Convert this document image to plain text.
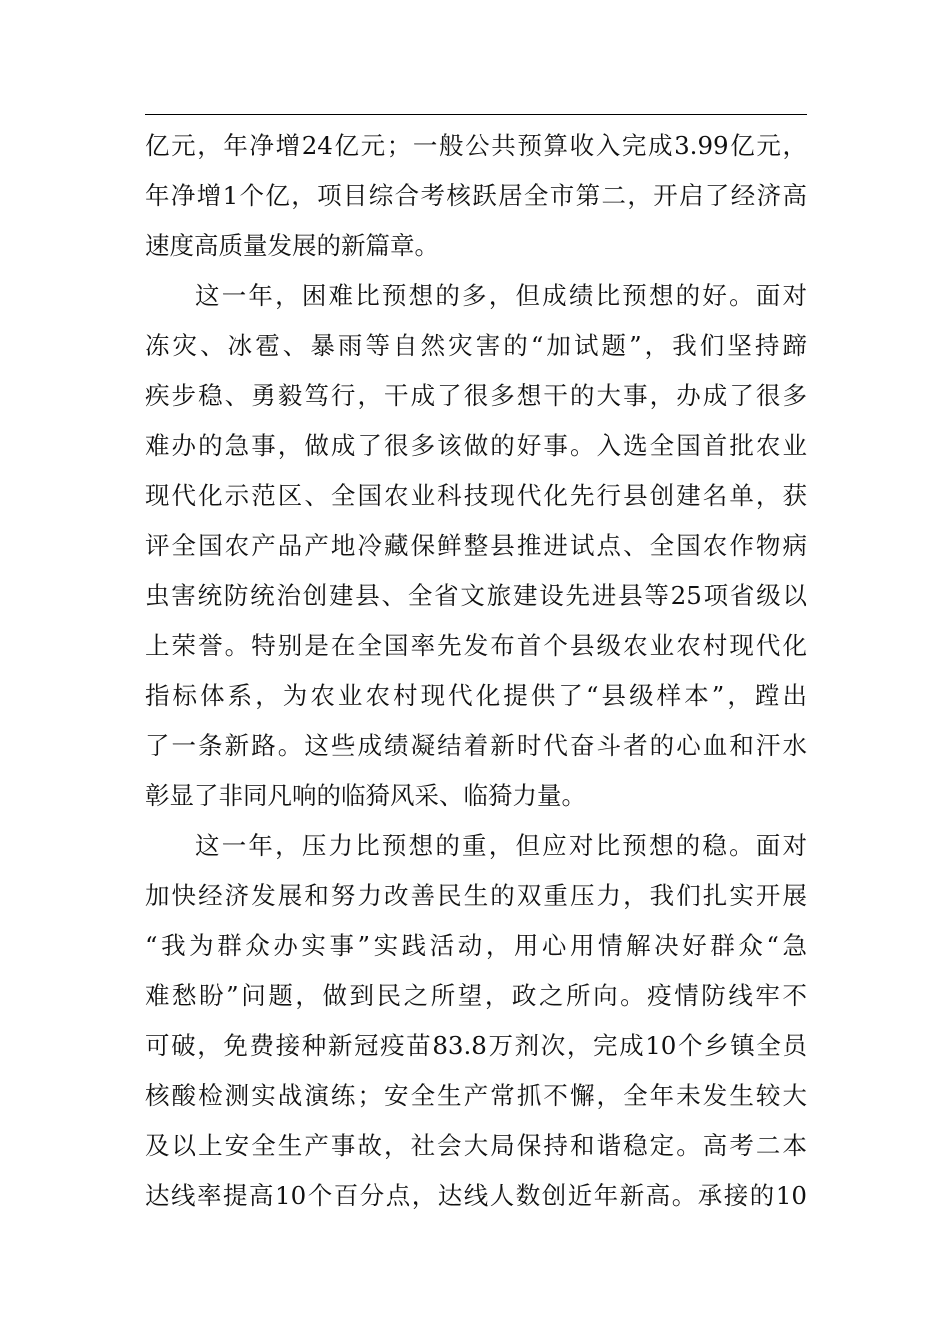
亿元，年净增24亿元；一般公共预算收入完成3.99亿元，
年净增1个亿，项目综合考核跃居全市第二，开启了经济高
速度高质量发展的新篇章。
这一年，困难比预想的多，但成绩比预想的好。面对
冻灾、冰雹、暴雨等自然灾害的“加试题”，我们坚持蹄
疾步稳、勇毅笃行，干成了很多想干的大事，办成了很多
难办的急事，做成了很多该做的好事。入选全国首批农业
现代化示范区、全国农业科技现代化先行县创建名单，获
评全国农产品产地冷藏保鲜整县推进试点、全国农作物病
虫害统防统治创建县、全省文旅建设先进县等25项省级以
上荣誉。特别是在全国率先发布首个县级农业农村现代化
指标体系，为农业农村现代化提供了“县级样本”，蹚出
了一条新路。这些成绩凝结着新时代奋斗者的心血和汗水
彰显了非同凡响的临猗风采、临猗力量。
这一年，压力比预想的重，但应对比预想的稳。面对
加快经济发展和努力改善民生的双重压力，我们扎实开展
“我为群众办实事”实践活动，用心用情解决好群众“急
难愁盼”问题，做到民之所望，政之所向。疫情防线牢不
可破，免费接种新冠疫苗83.8万剂次，完成10个乡镇全员
核酸检测实战演练；安全生产常抓不懈，全年未发生较大
及以上安全生产事故，社会大局保持和谐稳定。高考二本
达线率提高10个百分点，达线人数创近年新高。承接的10
